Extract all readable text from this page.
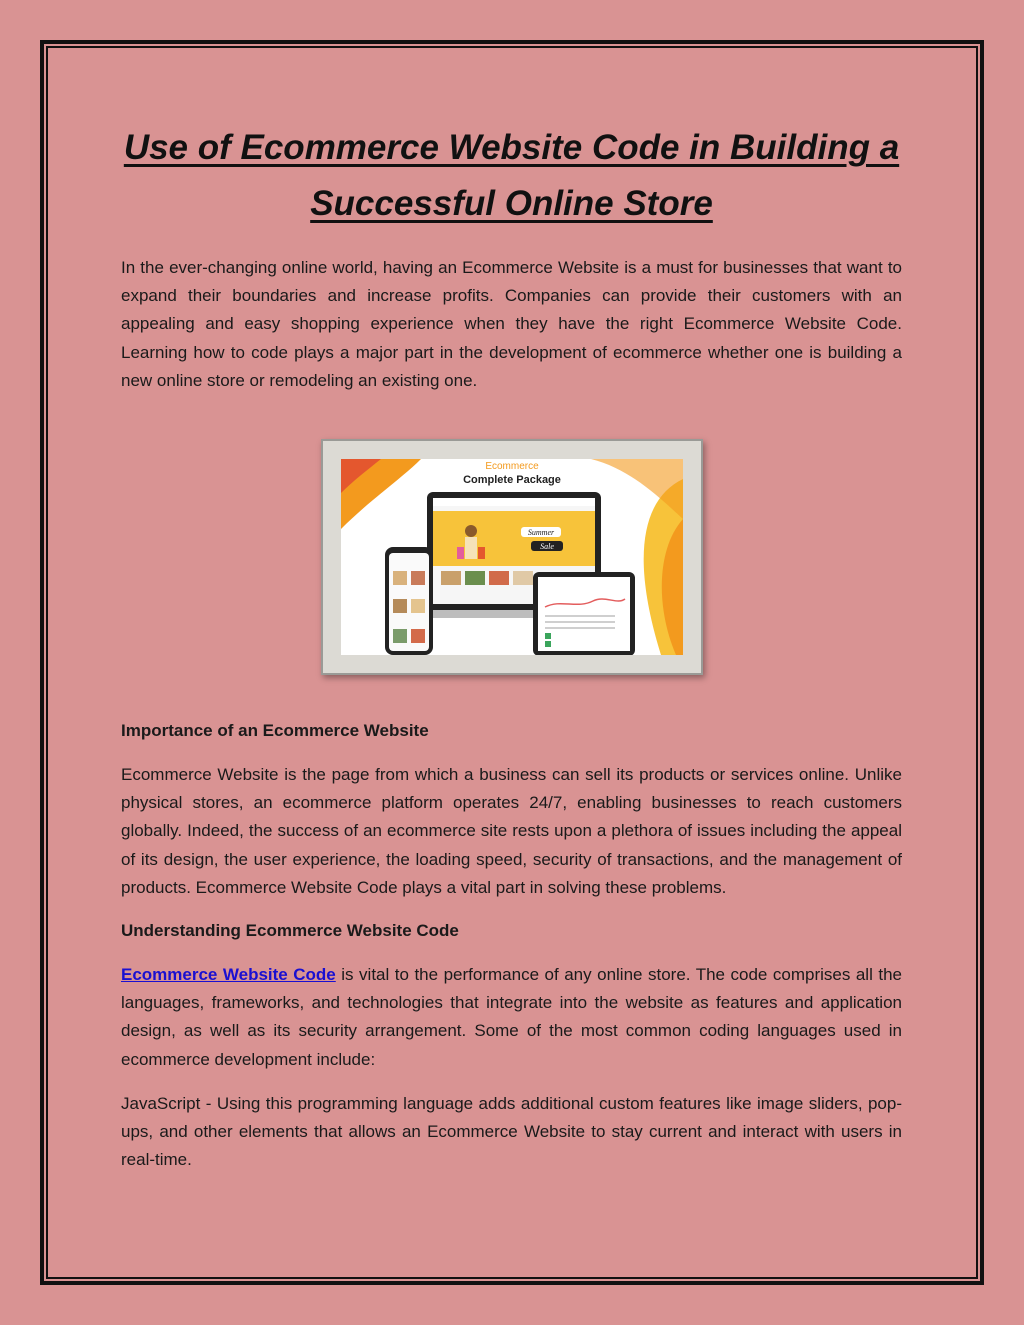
Use of Ecommerce Website Code in Building a Successful Online Store

In the ever-changing online world, having an Ecommerce Website is a must for businesses that want to expand their boundaries and increase profits. Companies can provide their customers with an appealing and easy shopping experience when they have the right Ecommerce Website Code. Learning how to code plays a major part in the development of ecommerce whether one is building a new online store or remodeling an existing one.

Ecommerce
Complete Package
Summer
Sale
Importance of an Ecommerce Website

Ecommerce Website is the page from which a business can sell its products or services online. Unlike physical stores, an ecommerce platform operates 24/7, enabling businesses to reach customers globally. Indeed, the success of an ecommerce site rests upon a plethora of issues including the appeal of its design, the user experience, the loading speed, security of transactions, and the management of products. Ecommerce Website Code plays a vital part in solving these problems.

Understanding Ecommerce Website Code

Ecommerce Website Code is vital to the performance of any online store. The code comprises all the languages, frameworks, and technologies that integrate into the website as features and application design, as well as its security arrangement. Some of the most common coding languages used in ecommerce development include:

JavaScript - Using this programming language adds additional custom features like image sliders, pop-ups, and other elements that allows an Ecommerce Website to stay current and interact with users in real-time.
